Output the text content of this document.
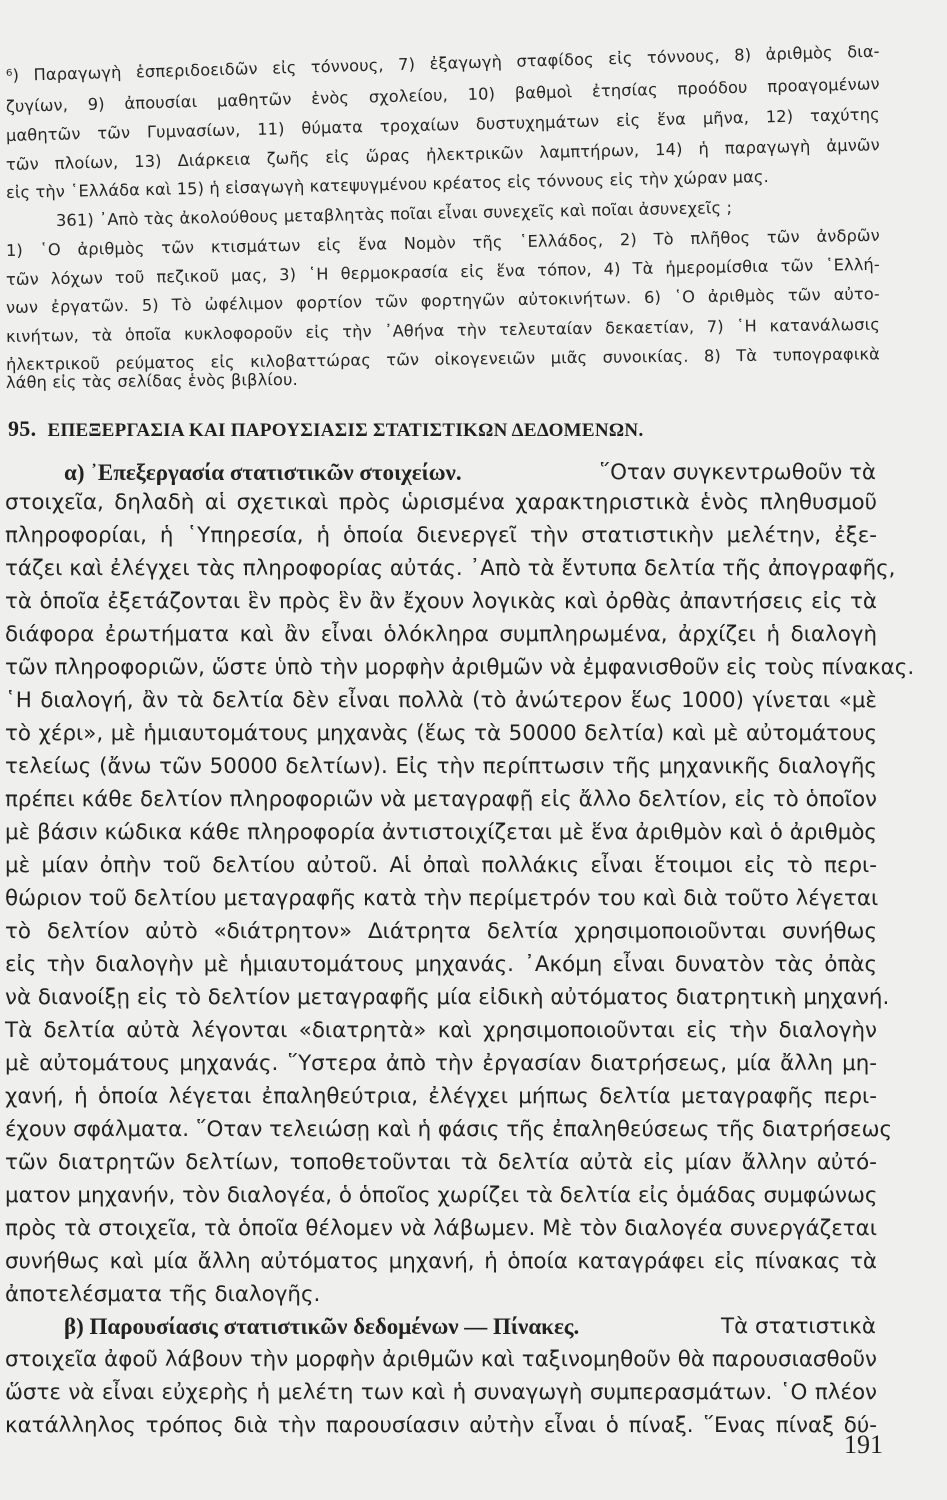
⁶) Παραγωγὴ ἑσπεριδοειδῶν εἰς τόννους, 7) ἐξαγωγὴ σταφίδος εἰς τόννους, 8) ἀριθμὸς δια-
ζυγίων, 9) ἀπουσίαι μαθητῶν ἑνὸς σχολείου, 10) βαθμοὶ ἐτησίας προόδου προαγομένων
μαθητῶν τῶν Γυμνασίων, 11) θύματα τροχαίων δυστυχημάτων εἰς ἕνα μῆνα, 12) ταχύτης
τῶν πλοίων, 13) Διάρκεια ζωῆς εἰς ὥρας ἠλεκτρικῶν λαμπτήρων, 14) ἡ παραγωγὴ ἀμνῶν
εἰς τὴν ῾Ελλάδα καὶ 15) ἡ εἰσαγωγὴ κατεψυγμένου κρέατος εἰς τόννους εἰς τὴν χώραν μας.
361) ᾿Απὸ τὰς ἀκολούθους μεταβλητὰς ποῖαι εἶναι συνεχεῖς καὶ ποῖαι ἀσυνεχεῖς ;
1) ῾Ο ἀριθμὸς τῶν κτισμάτων εἰς ἕνα Νομὸν τῆς ῾Ελλάδος, 2) Τὸ πλῆθος τῶν ἀνδρῶν
τῶν λόχων τοῦ πεζικοῦ μας, 3) ῾Η θερμοκρασία εἰς ἕνα τόπον, 4) Τὰ ἡμερομίσθια τῶν ῾Ελλή-
νων ἐργατῶν. 5) Τὸ ὠφέλιμον φορτίον τῶν φορτηγῶν αὐτοκινήτων. 6) ῾Ο ἀριθμὸς τῶν αὐτο-
κινήτων, τὰ ὁποῖα κυκλοφοροῦν εἰς τὴν ᾿Αθήνα τὴν τελευταίαν δεκαετίαν, 7) ῾Η κατανάλωσις
ἠλεκτρικοῦ ρεύματος εἰς κιλοβαττώρας τῶν οἰκογενειῶν μιᾶς συνοικίας. 8) Τὰ τυπογραφικὰ
λάθη εἰς τὰς σελίδας ἑνὸς βιβλίου.
95. ΕΠΕΞΕΡΓΑΣΙΑ ΚΑΙ ΠΑΡΟΥΣΙΑΣΙΣ ΣΤΑΤΙΣΤΙΚΩΝ ΔΕΔΟΜΕΝΩΝ.
α) ᾿Επεξεργασία στατιστικῶν στοιχείων.	῞Οταν συγκεντρωθοῦν τὰ
στοιχεῖα, δηλαδὴ αἱ σχετικαὶ πρὸς ὡρισμένα χαρακτηριστικὰ ἑνὸς πληθυσμοῦ
πληροφορίαι, ἡ ῾Υπηρεσία, ἡ ὁποία διενεργεῖ τὴν στατιστικὴν μελέτην, ἐξε-
τάζει καὶ ἐλέγχει τὰς πληροφορίας αὐτάς. ᾿Απὸ τὰ ἔντυπα δελτία τῆς ἀπογραφῆς,
τὰ ὁποῖα ἐξετάζονται ἓν πρὸς ἓν ἂν ἔχουν λογικὰς καὶ ὀρθὰς ἀπαντήσεις εἰς τὰ
διάφορα ἐρωτήματα καὶ ἂν εἶναι ὁλόκληρα συμπληρωμένα, ἀρχίζει ἡ διαλογὴ
τῶν πληροφοριῶν, ὥστε ὑπὸ τὴν μορφὴν ἀριθμῶν νὰ ἐμφανισθοῦν εἰς τοὺς πίνακας.
῾Η διαλογή, ἂν τὰ δελτία δὲν εἶναι πολλὰ (τὸ ἀνώτερον ἕως 1000) γίνεται «μὲ
τὸ χέρι», μὲ ἡμιαυτομάτους μηχανὰς (ἕως τὰ 50000 δελτία) καὶ μὲ αὐτομάτους
τελείως (ἄνω τῶν 50000 δελτίων). Εἰς τὴν περίπτωσιν τῆς μηχανικῆς διαλογῆς
πρέπει κάθε δελτίον πληροφοριῶν νὰ μεταγραφῇ εἰς ἄλλο δελτίον, εἰς τὸ ὁποῖον
μὲ βάσιν κώδικα κάθε πληροφορία ἀντιστοιχίζεται μὲ ἕνα ἀριθμὸν καὶ ὁ ἀριθμὸς
μὲ μίαν ὀπὴν τοῦ δελτίου αὐτοῦ. Αἱ ὀπαὶ πολλάκις εἶναι ἕτοιμοι εἰς τὸ περι-
θώριον τοῦ δελτίου μεταγραφῆς κατὰ τὴν περίμετρόν του καὶ διὰ τοῦτο λέγεται
τὸ δελτίον αὐτὸ «διάτρητον» Διάτρητα δελτία χρησιμοποιοῦνται συνήθως
εἰς τὴν διαλογὴν μὲ ἡμιαυτομάτους μηχανάς. ᾿Ακόμη εἶναι δυνατὸν τὰς ὀπὰς
νὰ διανοίξῃ εἰς τὸ δελτίον μεταγραφῆς μία εἰδικὴ αὐτόματος διατρητικὴ μηχανή.
Τὰ δελτία αὐτὰ λέγονται «διατρητὰ» καὶ χρησιμοποιοῦνται εἰς τὴν διαλογὴν
μὲ αὐτομάτους μηχανάς. ῞Υστερα ἀπὸ τὴν ἐργασίαν διατρήσεως, μία ἄλλη μη-
χανή, ἡ ὁποία λέγεται ἐπαληθεύτρια, ἐλέγχει μήπως δελτία μεταγραφῆς περι-
έχουν σφάλματα. ῞Οταν τελειώσῃ καὶ ἡ φάσις τῆς ἐπαληθεύσεως τῆς διατρήσεως
τῶν διατρητῶν δελτίων, τοποθετοῦνται τὰ δελτία αὐτὰ εἰς μίαν ἄλλην αὐτό-
ματον μηχανήν, τὸν διαλογέα, ὁ ὁποῖος χωρίζει τὰ δελτία εἰς ὁμάδας συμφώνως
πρὸς τὰ στοιχεῖα, τὰ ὁποῖα θέλομεν νὰ λάβωμεν. Μὲ τὸν διαλογέα συνεργάζεται
συνήθως καὶ μία ἄλλη αὐτόματος μηχανή, ἡ ὁποία καταγράφει εἰς πίνακας τὰ
ἀποτελέσματα τῆς διαλογῆς.
β) Παρουσίασις στατιστικῶν δεδομένων — Πίνακες.	Τὰ στατιστικὰ
στοιχεῖα ἀφοῦ λάβουν τὴν μορφὴν ἀριθμῶν καὶ ταξινομηθοῦν θὰ παρουσιασθοῦν
ὥστε νὰ εἶναι εὐχερὴς ἡ μελέτη των καὶ ἡ συναγωγὴ συμπερασμάτων. ῾Ο πλέον
κατάλληλος τρόπος διὰ τὴν παρουσίασιν αὐτὴν εἶναι ὁ πίναξ. ῞Ενας πίναξ δύ-
191
